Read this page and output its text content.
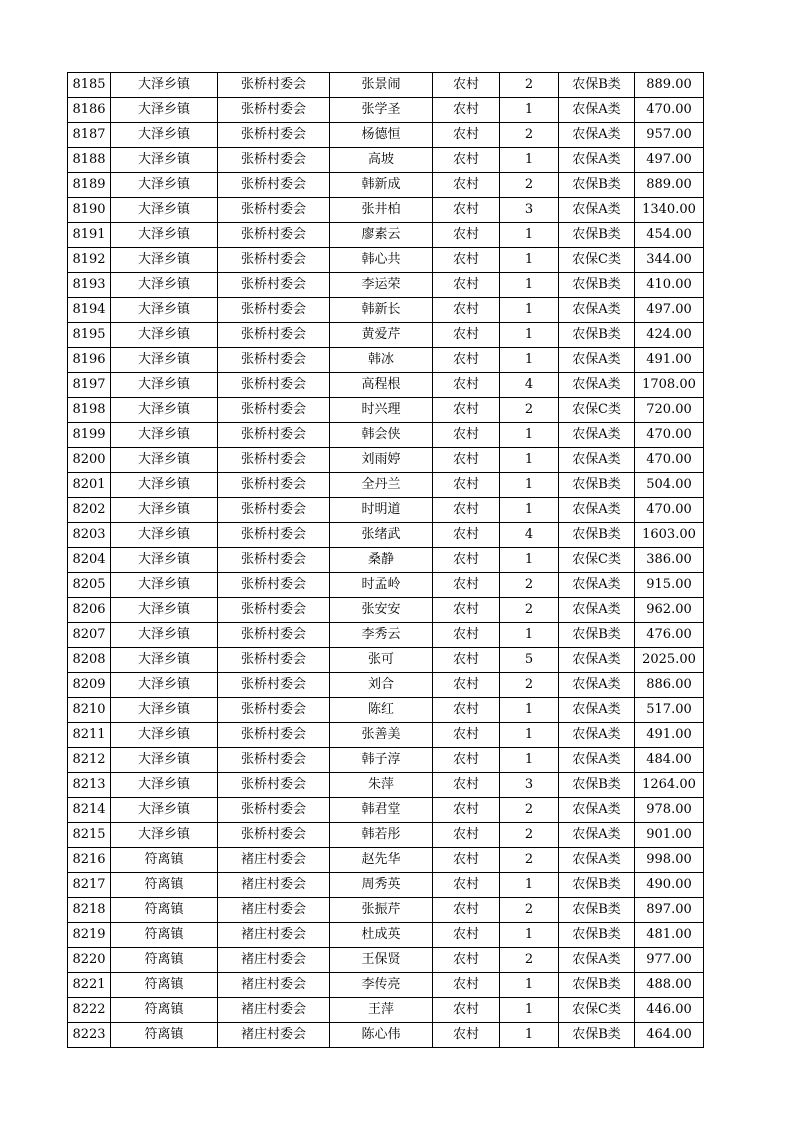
8185	大泽乡镇	张桥村委会	张景闹	农村	2	农保B类	889.00
8186	大泽乡镇	张桥村委会	张学圣	农村	1	农保A类	470.00
8187	大泽乡镇	张桥村委会	杨德恒	农村	2	农保A类	957.00
8188	大泽乡镇	张桥村委会	高坡	农村	1	农保A类	497.00
8189	大泽乡镇	张桥村委会	韩新成	农村	2	农保B类	889.00
8190	大泽乡镇	张桥村委会	张井柏	农村	3	农保A类	1340.00
8191	大泽乡镇	张桥村委会	廖素云	农村	1	农保B类	454.00
8192	大泽乡镇	张桥村委会	韩心共	农村	1	农保C类	344.00
8193	大泽乡镇	张桥村委会	李运荣	农村	1	农保B类	410.00
8194	大泽乡镇	张桥村委会	韩新长	农村	1	农保A类	497.00
8195	大泽乡镇	张桥村委会	黄爱芹	农村	1	农保B类	424.00
8196	大泽乡镇	张桥村委会	韩冰	农村	1	农保A类	491.00
8197	大泽乡镇	张桥村委会	高程根	农村	4	农保A类	1708.00
8198	大泽乡镇	张桥村委会	时兴理	农村	2	农保C类	720.00
8199	大泽乡镇	张桥村委会	韩会侠	农村	1	农保A类	470.00
8200	大泽乡镇	张桥村委会	刘雨婷	农村	1	农保A类	470.00
8201	大泽乡镇	张桥村委会	全丹兰	农村	1	农保B类	504.00
8202	大泽乡镇	张桥村委会	时明道	农村	1	农保A类	470.00
8203	大泽乡镇	张桥村委会	张绪武	农村	4	农保B类	1603.00
8204	大泽乡镇	张桥村委会	桑静	农村	1	农保C类	386.00
8205	大泽乡镇	张桥村委会	时孟岭	农村	2	农保A类	915.00
8206	大泽乡镇	张桥村委会	张安安	农村	2	农保A类	962.00
8207	大泽乡镇	张桥村委会	李秀云	农村	1	农保B类	476.00
8208	大泽乡镇	张桥村委会	张可	农村	5	农保A类	2025.00
8209	大泽乡镇	张桥村委会	刘合	农村	2	农保A类	886.00
8210	大泽乡镇	张桥村委会	陈红	农村	1	农保A类	517.00
8211	大泽乡镇	张桥村委会	张善美	农村	1	农保A类	491.00
8212	大泽乡镇	张桥村委会	韩子淳	农村	1	农保A类	484.00
8213	大泽乡镇	张桥村委会	朱萍	农村	3	农保B类	1264.00
8214	大泽乡镇	张桥村委会	韩君堂	农村	2	农保A类	978.00
8215	大泽乡镇	张桥村委会	韩若彤	农村	2	农保A类	901.00
8216	符离镇	褚庄村委会	赵先华	农村	2	农保A类	998.00
8217	符离镇	褚庄村委会	周秀英	农村	1	农保B类	490.00
8218	符离镇	褚庄村委会	张振芹	农村	2	农保B类	897.00
8219	符离镇	褚庄村委会	杜成英	农村	1	农保B类	481.00
8220	符离镇	褚庄村委会	王保贤	农村	2	农保A类	977.00
8221	符离镇	褚庄村委会	李传亮	农村	1	农保B类	488.00
8222	符离镇	褚庄村委会	王萍	农村	1	农保C类	446.00
8223	符离镇	褚庄村委会	陈心伟	农村	1	农保B类	464.00
